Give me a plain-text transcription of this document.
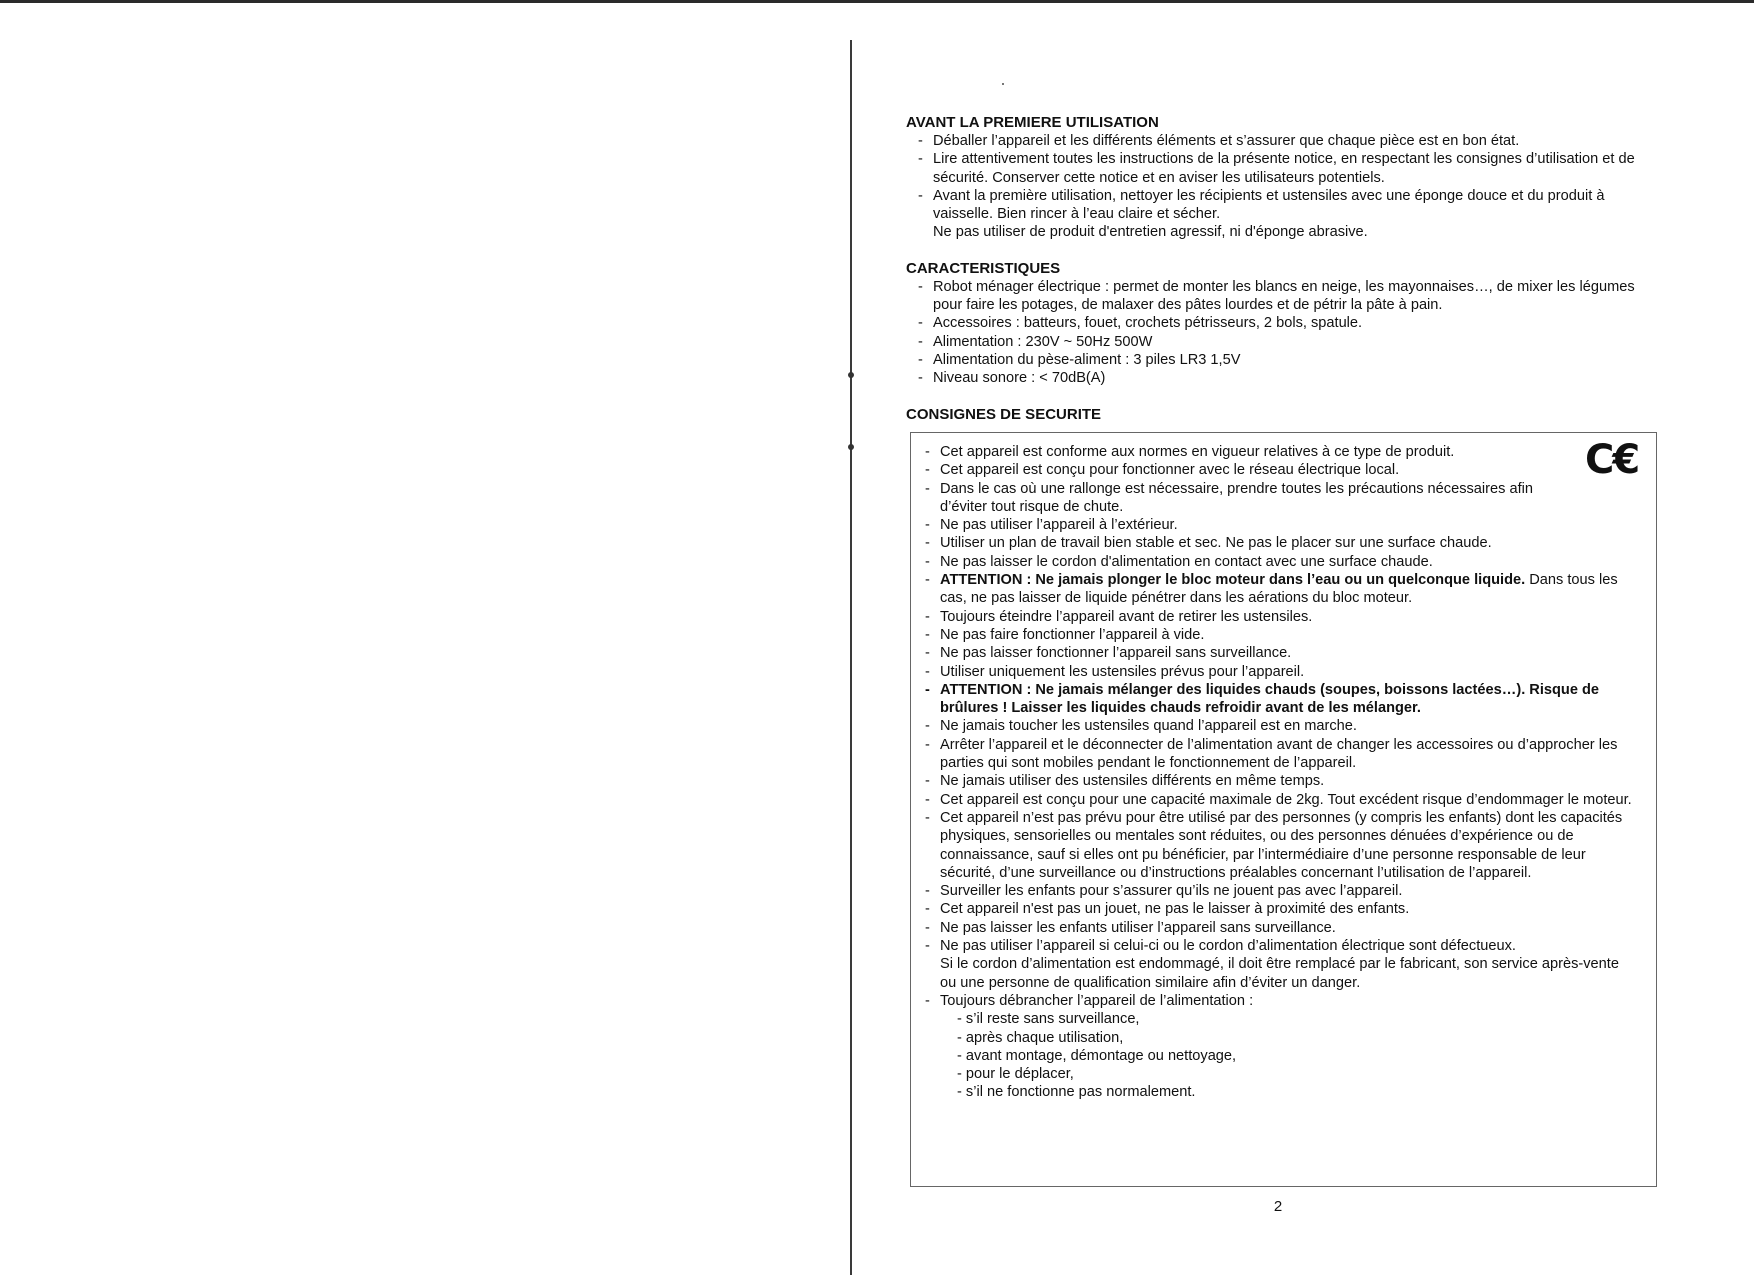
AVANT LA PREMIERE UTILISATION
- Déballer l’appareil et les différents éléments et s’assurer que chaque pièce est en bon état.
- Lire attentivement toutes les instructions de la présente notice, en respectant les consignes d’utilisation et de sécurité. Conserver cette notice et en aviser les utilisateurs potentiels.
- Avant la première utilisation, nettoyer les récipients et ustensiles avec une éponge douce et du produit à vaisselle. Bien rincer à l’eau claire et sécher.
Ne pas utiliser de produit d'entretien agressif, ni d'éponge abrasive.
CARACTERISTIQUES
- Robot ménager électrique : permet de monter les blancs en neige, les mayonnaises…, de mixer les légumes pour faire les potages, de malaxer des pâtes lourdes et de pétrir la pâte à pain.
- Accessoires : batteurs, fouet, crochets pétrisseurs, 2 bols, spatule.
- Alimentation : 230V ~ 50Hz 500W
- Alimentation du pèse-aliment : 3 piles LR3 1,5V
- Niveau sonore : < 70dB(A)
CONSIGNES DE SECURITE
- Cet appareil est conforme aux normes en vigueur relatives à ce type de produit.
- Cet appareil est conçu pour fonctionner avec le réseau électrique local.
- Dans le cas où une rallonge est nécessaire, prendre toutes les précautions nécessaires afin d’éviter tout risque de chute.
- Ne pas utiliser l’appareil à l’extérieur.
- Utiliser un plan de travail bien stable et sec. Ne pas le placer sur une surface chaude.
- Ne pas laisser le cordon d'alimentation en contact avec une surface chaude.
- ATTENTION : Ne jamais plonger le bloc moteur dans l’eau ou un quelconque liquide. Dans tous les cas, ne pas laisser de liquide pénétrer dans les aérations du bloc moteur.
- Toujours éteindre l’appareil avant de retirer les ustensiles.
- Ne pas faire fonctionner l’appareil à vide.
- Ne pas laisser fonctionner l’appareil sans surveillance.
- Utiliser uniquement les ustensiles prévus pour l’appareil.
- ATTENTION : Ne jamais mélanger des liquides chauds (soupes, boissons lactées…). Risque de brûlures ! Laisser les liquides chauds refroidir avant de les mélanger.
- Ne jamais toucher les ustensiles quand l’appareil est en marche.
- Arrêter l’appareil et le déconnecter de l’alimentation avant de changer les accessoires ou d’approcher les parties qui sont mobiles pendant le fonctionnement de l’appareil.
- Ne jamais utiliser des ustensiles différents en même temps.
- Cet appareil est conçu pour une capacité maximale de 2kg. Tout excédent risque d’endommager le moteur.
- Cet appareil n’est pas prévu pour être utilisé par des personnes (y compris les enfants) dont les capacités physiques, sensorielles ou mentales sont réduites, ou des personnes dénuées d’expérience ou de connaissance, sauf si elles ont pu bénéficier, par l’intermédiaire d’une personne responsable de leur sécurité, d’une surveillance ou d’instructions préalables concernant l’utilisation de l’appareil.
- Surveiller les enfants pour s’assurer qu’ils ne jouent pas avec l’appareil.
- Cet appareil n'est pas un jouet, ne pas le laisser à proximité des enfants.
- Ne pas laisser les enfants utiliser l’appareil sans surveillance.
- Ne pas utiliser l’appareil si celui-ci ou le cordon d’alimentation électrique sont défectueux.
Si le cordon d’alimentation est endommagé, il doit être remplacé par le fabricant, son service après-vente ou une personne de qualification similaire afin d’éviter un danger.
- Toujours débrancher l’appareil de l’alimentation :
- s’il reste sans surveillance,
- après chaque utilisation,
- avant montage, démontage ou nettoyage,
- pour le déplacer,
- s’il ne fonctionne pas normalement.
C€
2
